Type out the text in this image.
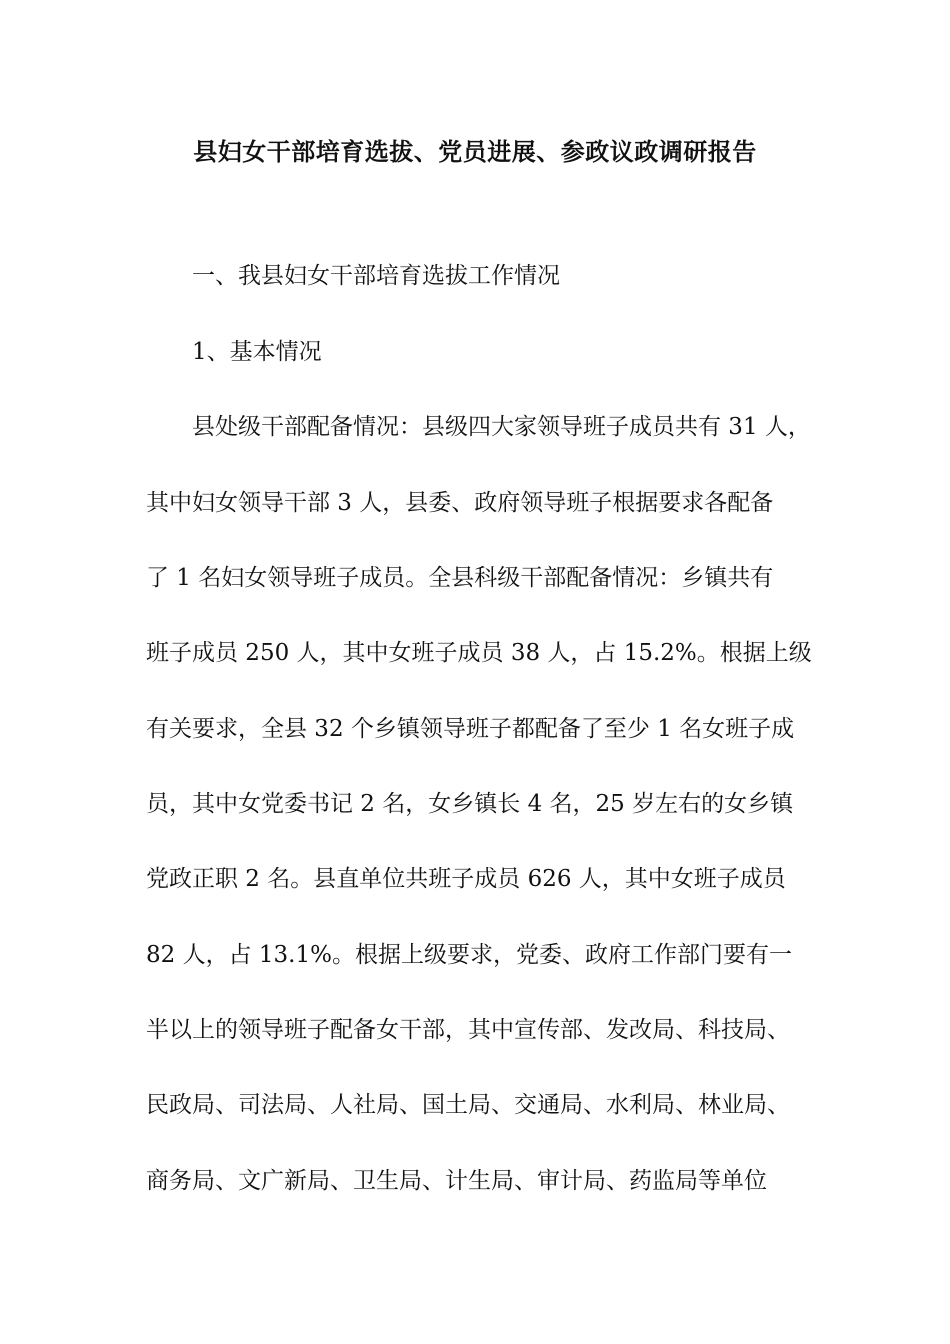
县妇女干部培育选拔、党员进展、参政议政调研报告
一、我县妇女干部培育选拔工作情况
1、基本情况
县处级干部配备情况：县级四大家领导班子成员共有 31 人，
其中妇女领导干部 3 人，县委、政府领导班子根据要求各配备
了 1 名妇女领导班子成员。全县科级干部配备情况：乡镇共有
班子成员 250 人，其中女班子成员 38 人，占 15.2%。根据上级
有关要求，全县 32 个乡镇领导班子都配备了至少 1 名女班子成
员，其中女党委书记 2 名，女乡镇长 4 名，25 岁左右的女乡镇
党政正职 2 名。县直单位共班子成员 626 人，其中女班子成员
82 人，占 13.1%。根据上级要求，党委、政府工作部门要有一
半以上的领导班子配备女干部，其中宣传部、发改局、科技局、
民政局、司法局、人社局、国土局、交通局、水利局、林业局、
商务局、文广新局、卫生局、计生局、审计局、药监局等单位
